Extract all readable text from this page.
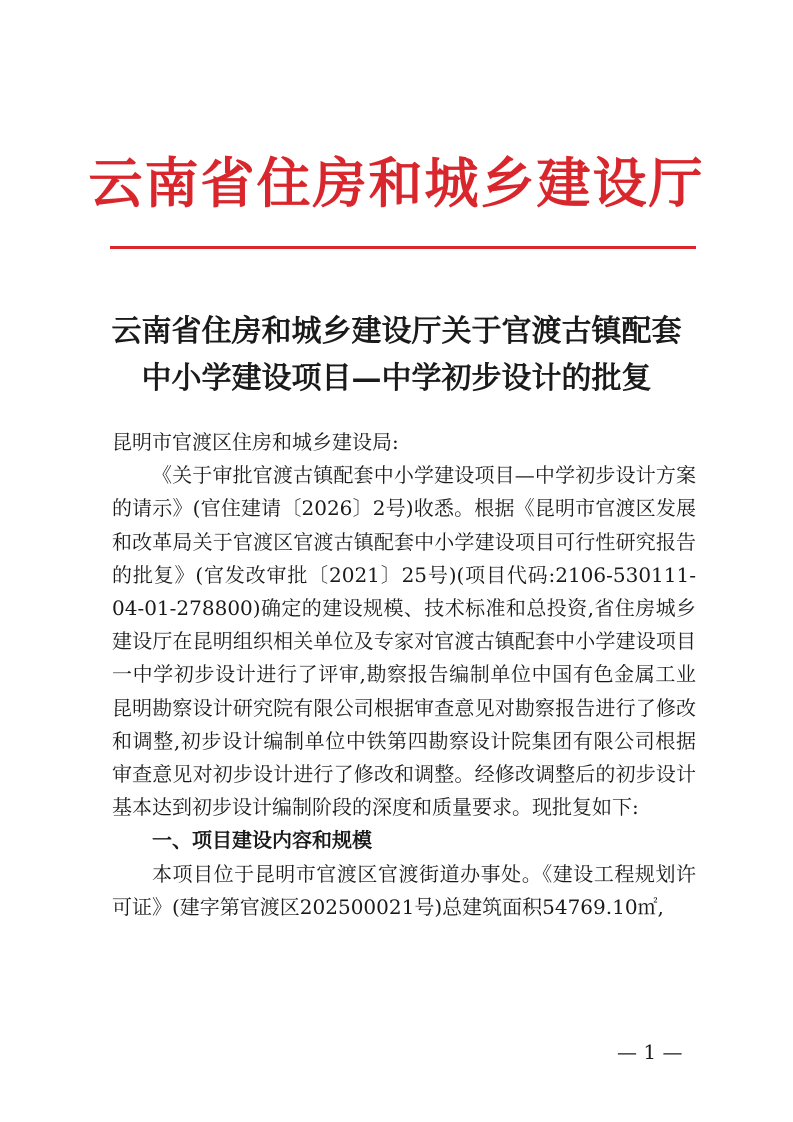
云南省住房和城乡建设厅
云南省住房和城乡建设厅关于官渡古镇配套
中小学建设项目—中学初步设计的批复

昆明市官渡区住房和城乡建设局:

《关于审批官渡古镇配套中小学建设项目—中学初步设计方案的请示》(官住建请〔2026〕2号)收悉。根据《昆明市官渡区发展和改革局关于官渡区官渡古镇配套中小学建设项目可行性研究报告的批复》(官发改审批〔2021〕25号)(项目代码:2106-530111-04-01-278800)确定的建设规模、技术标准和总投资,省住房城乡建设厅在昆明组织相关单位及专家对官渡古镇配套中小学建设项目一中学初步设计进行了评审,勘察报告编制单位中国有色金属工业昆明勘察设计研究院有限公司根据审查意见对勘察报告进行了修改和调整,初步设计编制单位中铁第四勘察设计院集团有限公司根据审查意见对初步设计进行了修改和调整。经修改调整后的初步设计基本达到初步设计编制阶段的深度和质量要求。现批复如下:

一、项目建设内容和规模

本项目位于昆明市官渡区官渡街道办事处。《建设工程规划许可证》(建字第官渡区202500021号)总建筑面积54769.10㎡,

— 1 —
